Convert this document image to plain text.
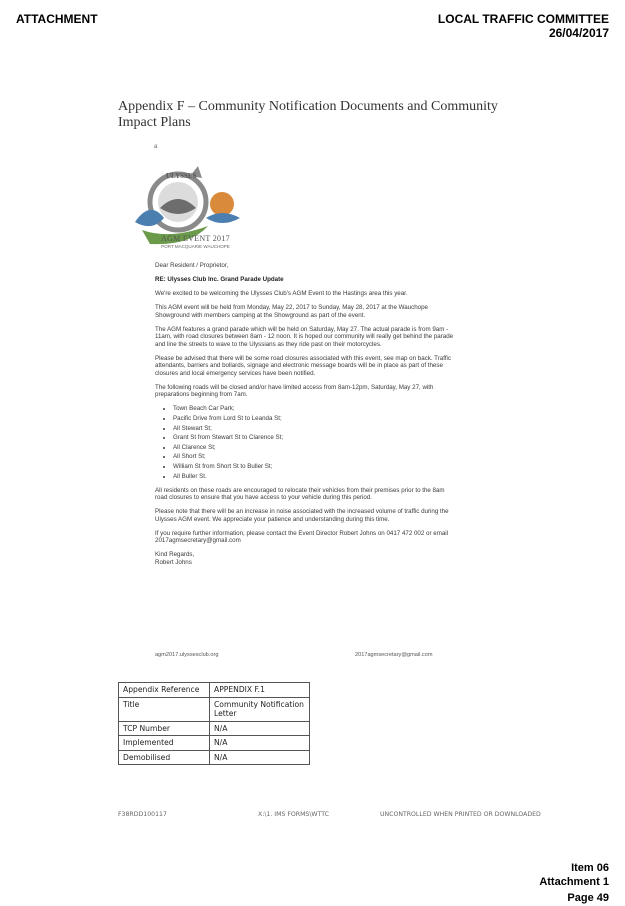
ATTACHMENT	LOCAL TRAFFIC COMMITTEE
26/04/2017
Appendix F – Community Notification Documents and Community Impact Plans
a
ULYSSES
AGM EVENT 2017
PORT MACQUARIE WAUCHOPE

Dear Resident / Proprietor,

RE: Ulysses Club Inc. Grand Parade Update

We're excited to be welcoming the Ulysses Club's AGM Event to the Hastings area this year.

This AGM event will be held from Monday, May 22, 2017 to Sunday, May 28, 2017 at the Wauchope Showground with members camping at the Showground as part of the event.

The AGM features a grand parade which will be held on Saturday, May 27. The actual parade is from 9am - 11am, with road closures between 8am - 12 noon. It is hoped our community will really get behind the parade and line the streets to wave to the Ulyssians as they ride past on their motorcycles.

Please be advised that there will be some road closures associated with this event, see map on back. Traffic attendants, barriers and bollards, signage and electronic message boards will be in place as part of these closures and local emergency services have been notified.

The following roads will be closed and/or have limited access from 8am-12pm, Saturday, May 27, with preparations beginning from 7am.

• Town Beach Car Park;
• Pacific Drive from Lord St to Leanda St;
• All Stewart St;
• Grant St from Stewart St to Clarence St;
• All Clarence St;
• All Short St;
• William St from Short St to Buller St;
• All Buller St.

All residents on these roads are encouraged to relocate their vehicles from their premises prior to the 8am road closures to ensure that you have access to your vehicle during this period.

Please note that there will be an increase in noise associated with the increased volume of traffic during the Ulysses AGM event. We appreciate your patience and understanding during this time.

If you require further information, please contact the Event Director Robert Johns on 0417 472 002 or email 2017agmsecretary@gmail.com

Kind Regards,

Robert Johns

agm2017.ulyssesclub.org	2017agmsecretary@gmail.com
Appendix Reference	APPENDIX F.1
Title	Community Notification Letter
TCP Number	N/A
Implemented	N/A
Demobilised	N/A
F38RDD100117	X:\1. IMS FORMS\WTTC	UNCONTROLLED WHEN PRINTED OR DOWNLOADED
Item 06
Attachment 1
Page 49
